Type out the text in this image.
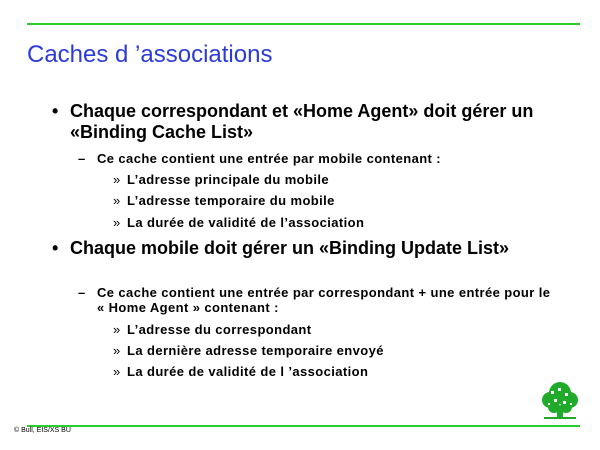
Caches d ’associations
• Chaque correspondant et «Home Agent» doit gérer un «Binding Cache List»
– Ce cache contient une entrée par mobile contenant :
» L’adresse principale du mobile
» L’adresse temporaire du mobile
» La durée de validité de l’association
• Chaque mobile doit gérer un «Binding Update List»
– Ce cache contient une entrée par correspondant + une entrée pour le « Home Agent » contenant :
» L’adresse du correspondant
» La dernière adresse temporaire envoyé
» La durée de validité de l ’association
© Bull, EIS/XS BU
